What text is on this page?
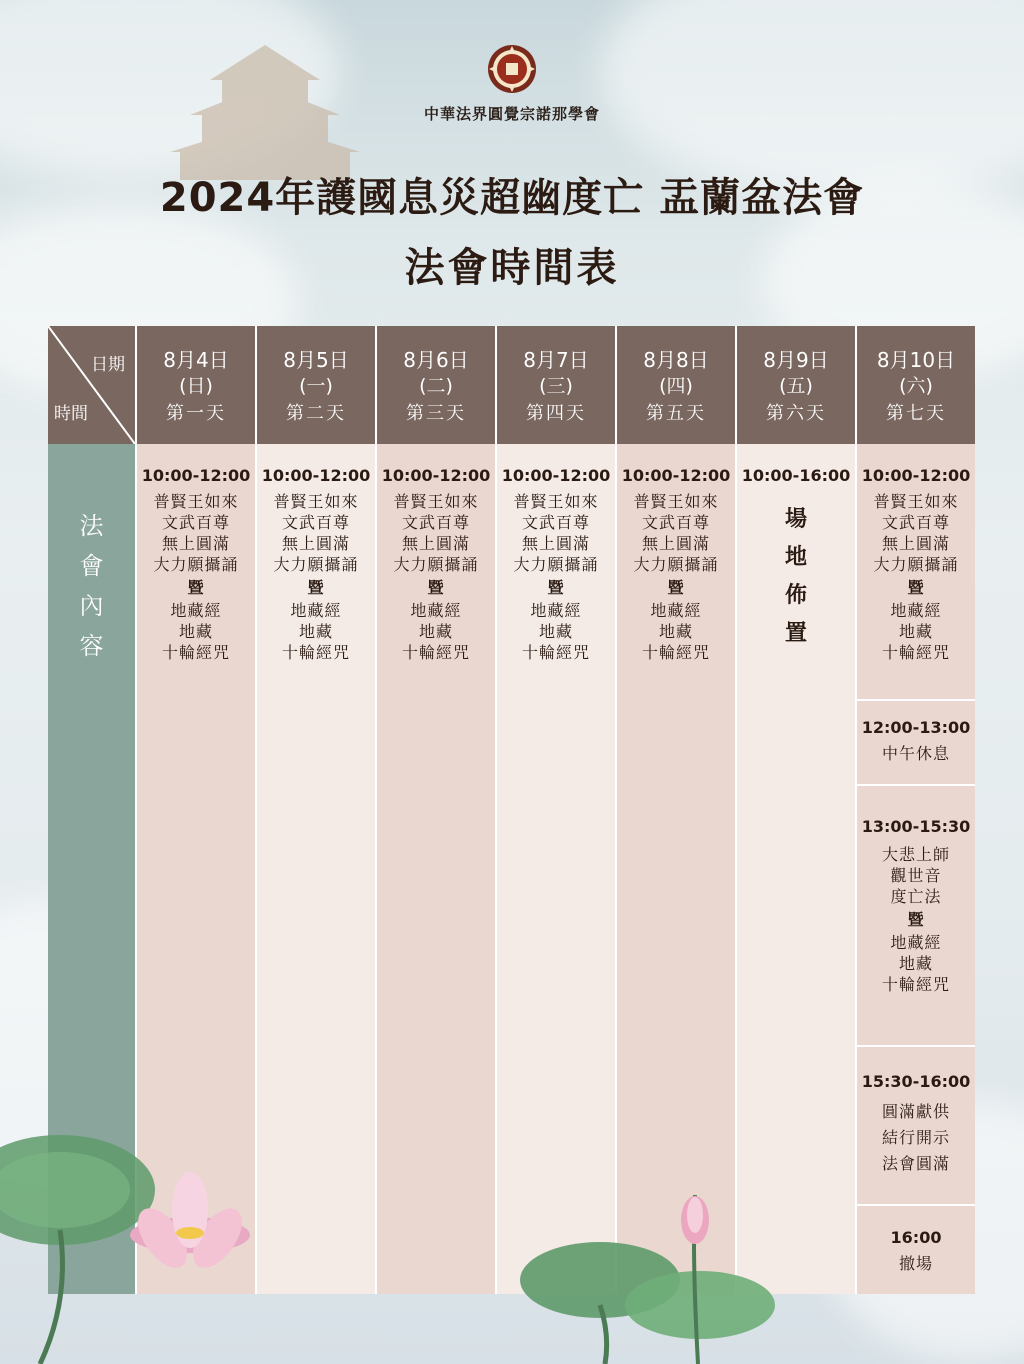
中華法界圓覺宗諾那學會
2024年護國息災超幽度亡 盂蘭盆法會
法會時間表
日期
時間
法
會
內
容
8月4日
(日)
第一天
8月5日
(一)
第二天
8月6日
(二)
第三天
8月7日
(三)
第四天
8月8日
(四)
第五天
8月9日
(五)
第六天
8月10日
(六)
第七天
10:00-12:00
普賢王如來
文武百尊
無上圓滿
大力願攝誦
暨
地藏經
地藏
十輪經咒
10:00-12:00
普賢王如來
文武百尊
無上圓滿
大力願攝誦
暨
地藏經
地藏
十輪經咒
10:00-12:00
普賢王如來
文武百尊
無上圓滿
大力願攝誦
暨
地藏經
地藏
十輪經咒
10:00-12:00
普賢王如來
文武百尊
無上圓滿
大力願攝誦
暨
地藏經
地藏
十輪經咒
10:00-12:00
普賢王如來
文武百尊
無上圓滿
大力願攝誦
暨
地藏經
地藏
十輪經咒
10:00-16:00
場
地
佈
置
10:00-12:00
普賢王如來
文武百尊
無上圓滿
大力願攝誦
暨
地藏經
地藏
十輪經咒
12:00-13:00
中午休息
13:00-15:30
大悲上師
觀世音
度亡法
暨
地藏經
地藏
十輪經咒
15:30-16:00
圓滿獻供
結行開示
法會圓滿
16:00
撤場
